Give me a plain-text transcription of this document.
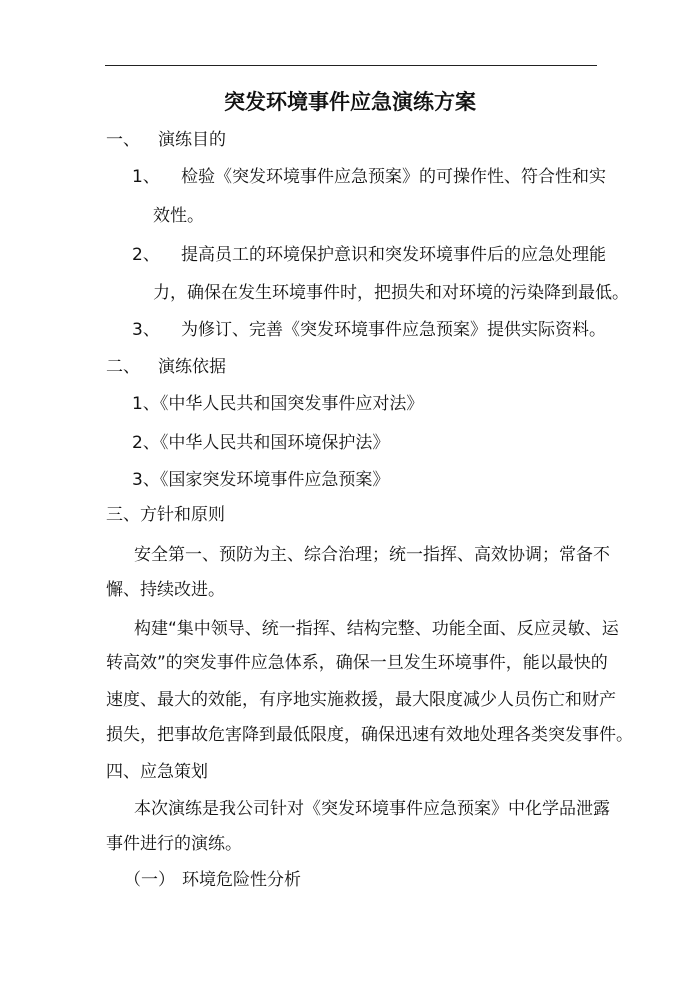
突发环境事件应急演练方案
一、 演练目的
1、 检验《突发环境事件应急预案》的可操作性、符合性和实
效性。
2、 提高员工的环境保护意识和突发环境事件后的应急处理能
力，确保在发生环境事件时，把损失和对环境的污染降到最低。
3、 为修订、完善《突发环境事件应急预案》提供实际资料。
二、 演练依据
1、《中华人民共和国突发事件应对法》
2、《中华人民共和国环境保护法》
3、《国家突发环境事件应急预案》
三、方针和原则
安全第一、预防为主、综合治理；统一指挥、高效协调；常备不
懈、持续改进。
构建“集中领导、统一指挥、结构完整、功能全面、反应灵敏、运
转高效”的突发事件应急体系，确保一旦发生环境事件，能以最快的
速度、最大的效能，有序地实施救援，最大限度减少人员伤亡和财产
损失，把事故危害降到最低限度，确保迅速有效地处理各类突发事件。
四、应急策划
本次演练是我公司针对《突发环境事件应急预案》中化学品泄露
事件进行的演练。
（一） 环境危险性分析
